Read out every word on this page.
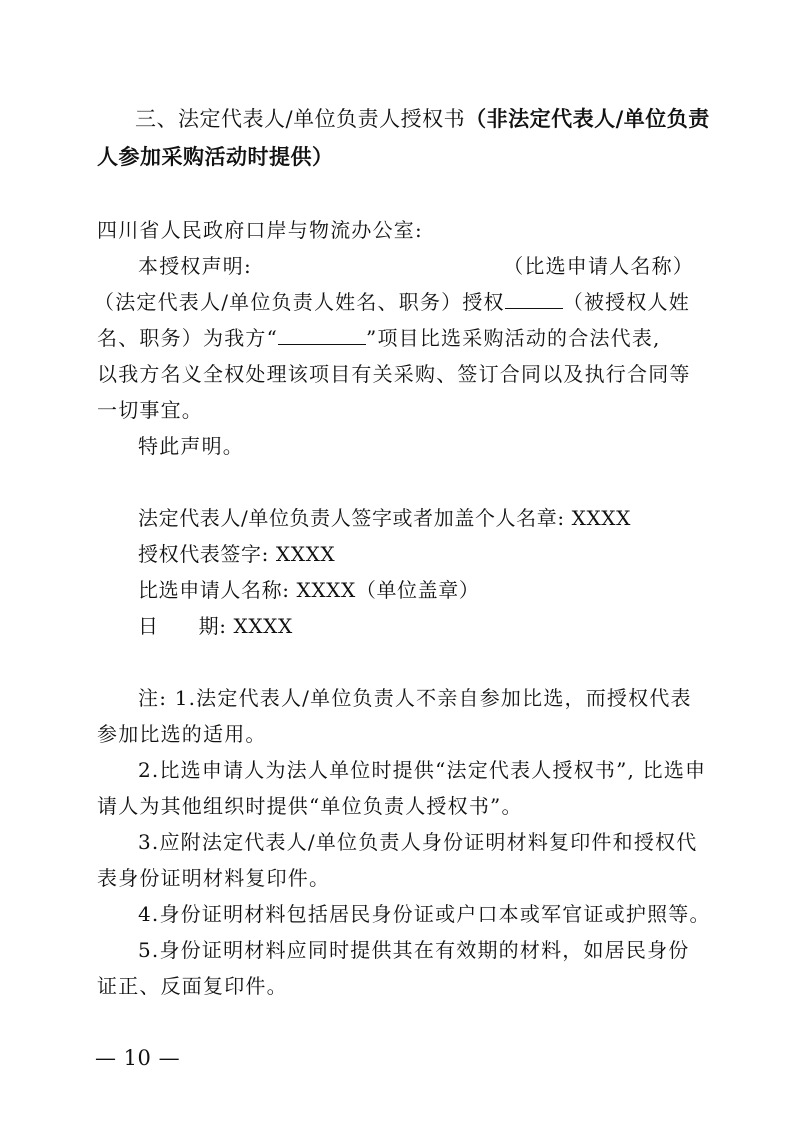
三、法定代表人/单位负责人授权书（非法定代表人/单位负责
人参加采购活动时提供）
四川省人民政府口岸与物流办公室:
本授权声明:	（比选申请人名称）
（法定代表人/单位负责人姓名、职务）授权	（被授权人姓
名、职务）为我方“	”项目比选采购活动的合法代表,
以我方名义全权处理该项目有关采购、签订合同以及执行合同等
一切事宜。
特此声明。
法定代表人/单位负责人签字或者加盖个人名章: XXXX
授权代表签字: XXXX
比选申请人名称: XXXX（单位盖章）
日 期: XXXX
注: 1.法定代表人/单位负责人不亲自参加比选，而授权代表
参加比选的适用。
2.比选申请人为法人单位时提供“法定代表人授权书”, 比选申
请人为其他组织时提供“单位负责人授权书”。
3.应附法定代表人/单位负责人身份证明材料复印件和授权代
表身份证明材料复印件。
4.身份证明材料包括居民身份证或户口本或军官证或护照等。
5.身份证明材料应同时提供其在有效期的材料，如居民身份
证正、反面复印件。
— 10 —
